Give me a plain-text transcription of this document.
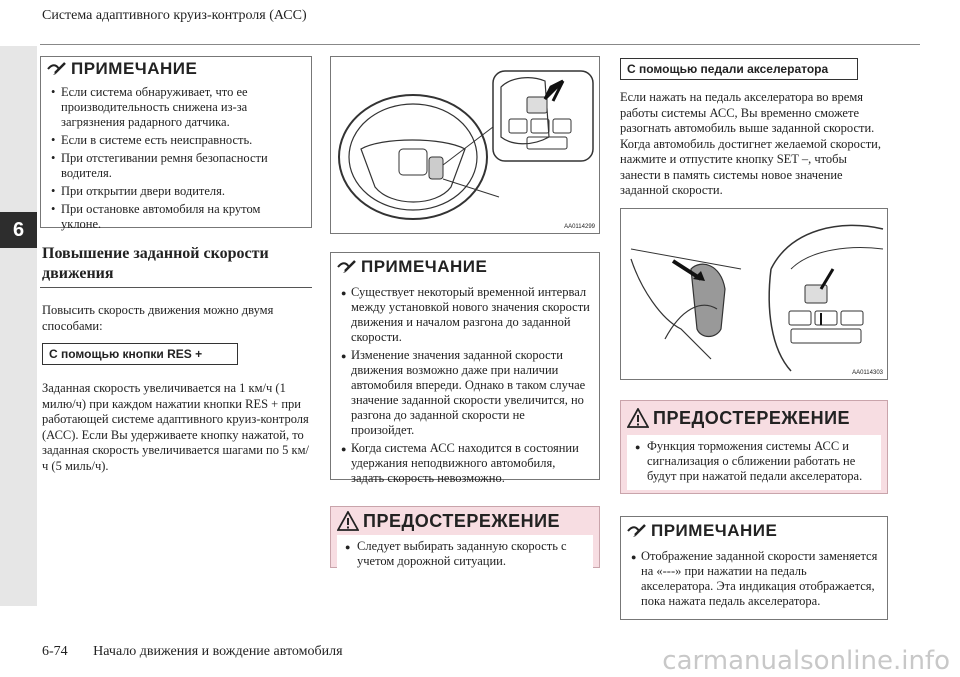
Система адаптивного круиз-контроля (АСС)
6
ПРИМЕЧАНИЕ
• Если система обнаруживает, что ее производительность снижена из-за загрязнения радарного датчика.
• Если в системе есть неисправность.
• При отстегивании ремня безопасности водителя.
• При открытии двери водителя.
• При остановке автомобиля на крутом уклоне.
Повышение заданной скорости движения
Повысить скорость движения можно двумя способами:
С помощью кнопки RES +
Заданная скорость увеличивается на 1 км/ч (1 милю/ч) при каждом нажатии кнопки RES + при работающей системе адаптивного круиз-контроля (АСС). Если Вы удерживаете кнопку нажатой, то заданная скорость увеличивается шагами по 5 км/ч (5 миль/ч).
AA0114299
ПРИМЕЧАНИЕ
● Существует некоторый временной интервал между установкой нового значения скорости движения и началом разгона до заданной скорости.
● Изменение значения заданной скорости движения возможно даже при наличии автомобиля впереди. Однако в таком случае значение заданной скорости увеличится, но разгона до заданной скорости не произойдет.
● Когда система АСС находится в состоянии удержания неподвижного автомобиля, задать скорость невозможно.
ПРЕДОСТЕРЕЖЕНИЕ
● Следует выбирать заданную скорость с учетом дорожной ситуации.
С помощью педали акселератора
Если нажать на педаль акселератора во время работы системы АСС, Вы временно сможете разогнать автомобиль выше заданной скорости. Когда автомобиль достигнет желаемой скорости, нажмите и отпустите кнопку SET –, чтобы занести в память системы новое значение заданной скорости.
AA0114303
ПРЕДОСТЕРЕЖЕНИЕ
● Функция торможения системы АСС и сигнализация о сближении работать не будут при нажатой педали акселератора.
ПРИМЕЧАНИЕ
● Отображение заданной скорости заменяется на «---» при нажатии на педаль акселератора. Эта индикация отображается, пока нажата педаль акселератора.
6-74 Начало движения и вождение автомобиля	carmanualsonline.info
